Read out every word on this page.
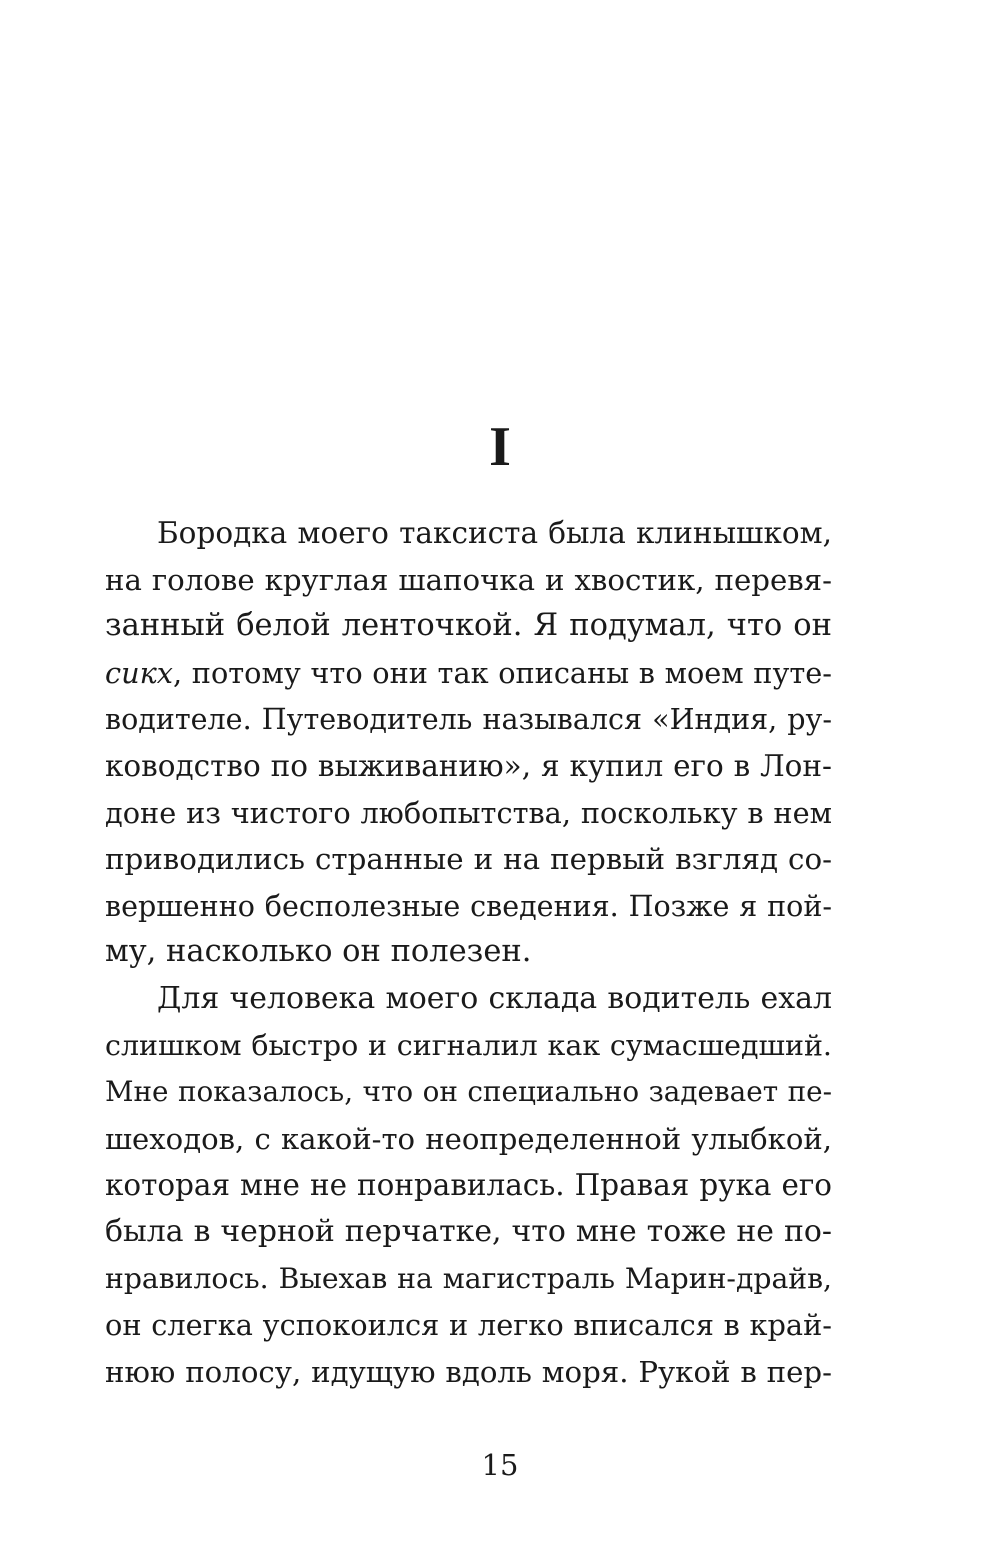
I
Бородка моего таксиста была клинышком,
на голове круглая шапочка и хвостик, перевя-
занный белой ленточкой. Я подумал, что он
сикх, потому что они так описаны в моем путе-
водителе. Путеводитель назывался «Индия, ру-
ководство по выживанию», я купил его в Лон-
доне из чистого любопытства, поскольку в нем
приводились странные и на первый взгляд со-
вершенно бесполезные сведения. Позже я пой-
му, насколько он полезен.
Для человека моего склада водитель ехал
слишком быстро и сигналил как сумасшедший.
Мне показалось, что он специально задевает пе-
шеходов, с какой-то неопределенной улыбкой,
которая мне не понравилась. Правая рука его
была в черной перчатке, что мне тоже не по-
нравилось. Выехав на магистраль Марин-драйв,
он слегка успокоился и легко вписался в край-
нюю полосу, идущую вдоль моря. Рукой в пер-
15
